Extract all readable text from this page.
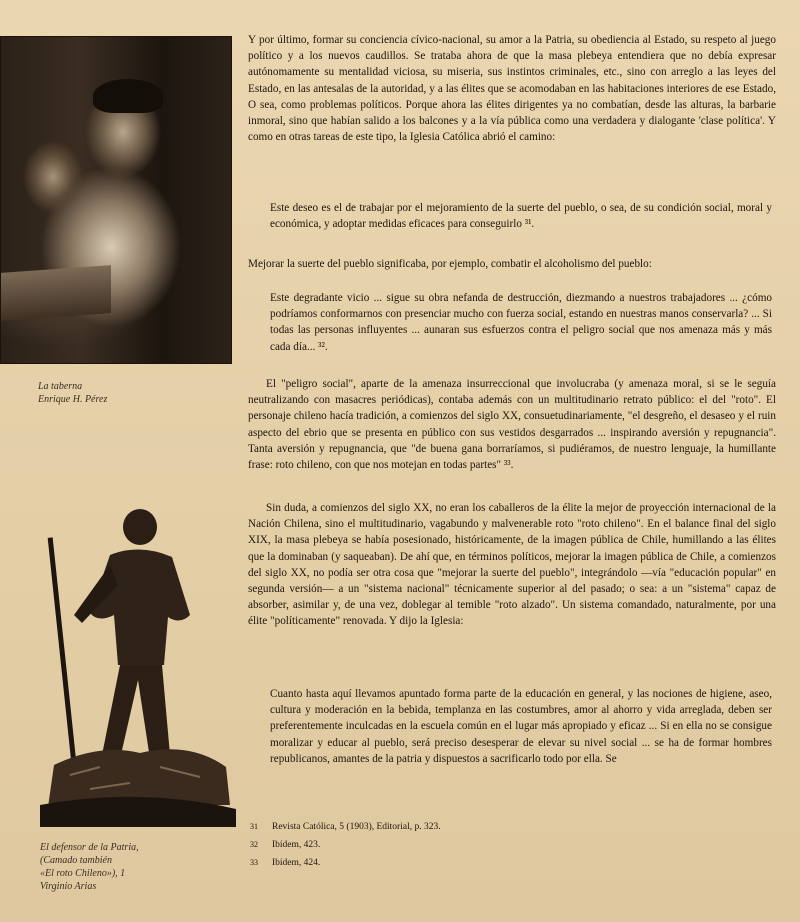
La taberna
Enrique H. Pérez
El defensor de la Patria,
(Camado también
«El roto Chileno»), 1
Virginio Arias

Y por último, formar su conciencia cívico-nacional, su amor a la Patria, su obediencia al Estado, su respeto al juego político y a los nuevos caudillos. Se trataba ahora de que la masa plebeya entendiera que no debía expresar autónomamente su mentalidad viciosa, su miseria, sus instintos criminales, etc., sino con arreglo a las leyes del Estado, en las antesalas de la autoridad, y a las élites que se acomodaban en las habitaciones interiores de ese Estado, O sea, como problemas políticos. Porque ahora las élites dirigentes ya no combatían, desde las alturas, la barbarie inmoral, sino que habían salido a los balcones y a la vía pública como una verdadera y dialogante 'clase política'. Y como en otras tareas de este tipo, la Iglesia Católica abrió el camino:

Este deseo es el de trabajar por el mejoramiento de la suerte del pueblo, o sea, de su condición social, moral y económica, y adoptar medidas eficaces para conseguirlo ³¹.

Mejorar la suerte del pueblo significaba, por ejemplo, combatir el alcoholismo del pueblo:

Este degradante vicio ... sigue su obra nefanda de destrucción, diezmando a nuestros trabajadores ... ¿cómo podríamos conformarnos con presenciar mucho con fuerza social, estando en nuestras manos conservarla? ... Si todas las personas influyentes ... aunaran sus esfuerzos contra el peligro social que nos amenaza más y más cada día... ³².

El "peligro social", aparte de la amenaza insurreccional que involucraba (y amenaza moral, si se le seguía neutralizando con masacres periódicas), contaba además con un multitudinario retrato público: el del "roto". El personaje chileno hacía tradición, a comienzos del siglo XX, consuetudinariamente, "el desgreño, el desaseo y el ruin aspecto del ebrio que se presenta en público con sus vestidos desgarrados ... inspirando aversión y repugnancia". Tanta aversión y repugnancia, que "de buena gana borraríamos, si pudiéramos, de nuestro lenguaje, la humillante frase: roto chileno, con que nos motejan en todas partes" ³³.

Sin duda, a comienzos del siglo XX, no eran los caballeros de la élite la mejor de proyección internacional de la Nación Chilena, sino el multitudinario, vagabundo y malvenerable roto "roto chileno". En el balance final del siglo XIX, la masa plebeya se había posesionado, históricamente, de la imagen pública de Chile, humillando a las élites que la dominaban (y saqueaban). De ahí que, en términos políticos, mejorar la imagen pública de Chile, a comienzos del siglo XX, no podía ser otra cosa que "mejorar la suerte del pueblo", integrándolo —vía "educación popular" en segunda versión— a un "sistema nacional" técnicamente superior al del pasado; o sea: a un "sistema" capaz de absorber, asimilar y, de una vez, doblegar al temible "roto alzado". Un sistema comandado, naturalmente, por una élite "políticamente" renovada. Y dijo la Iglesia:

Cuanto hasta aquí llevamos apuntado forma parte de la educación en general, y las nociones de higiene, aseo, cultura y moderación en la bebida, templanza en las costumbres, amor al ahorro y vida arreglada, deben ser preferentemente inculcadas en la escuela común en el lugar más apropiado y eficaz ... Si en ella no se consigue moralizar y educar al pueblo, será preciso desesperar de elevar su nivel social ... se ha de formar hombres republicanos, amantes de la patria y dispuestos a sacrificarlo todo por ella. Se

31 Revista Católica, 5 (1903), Editorial, p. 323.
32 Ibídem, 423.
33 Ibídem, 424.
